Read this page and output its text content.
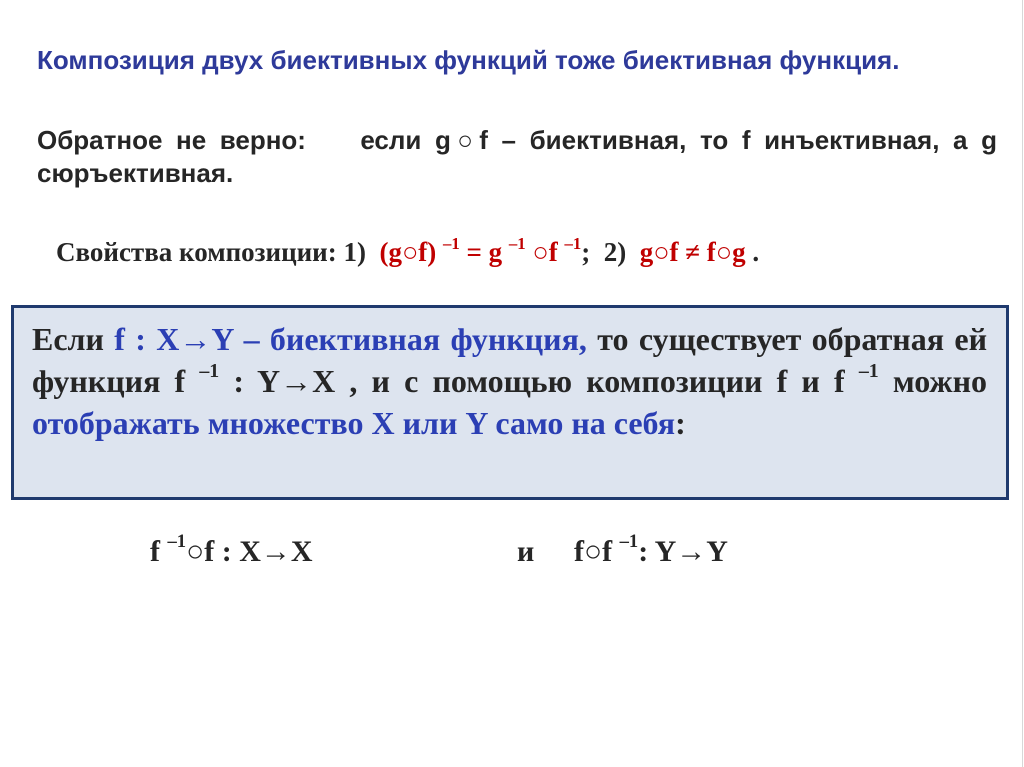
Композиция двух биективных функций тоже биективная функция.

Обратное не верно: если g○f – биективная, то f инъективная, а g сюръективная.

Свойства композиции: 1) (g○f) $^{-1}$ = g $^{-1}$ ○f $^{-1}$; 2) g○f ≠ f○g .

Если f : X→Y – биективная функция, то существует обратная ей функция f $^{-1}$ : Y→X , и с помощью композиции f и f $^{-1}$ можно отображать множество X или Y само на себя:

f $^{-1}$○f : X→X	и f○f $^{-1}$: Y→Y
